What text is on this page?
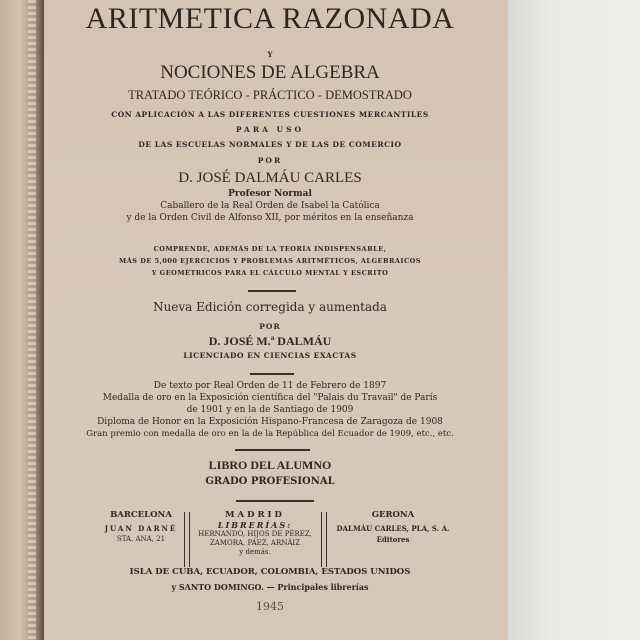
ARITMETICA RAZONADA
Y
NOCIONES DE ALGEBRA
TRATADO TEÓRICO - PRÁCTICO - DEMOSTRADO
CON APLICACIÓN A LAS DIFERENTES CUESTIONES MERCANTILES
PARA USO
DE LAS ESCUELAS NORMALES Y DE LAS DE COMERCIO
POR
D. JOSÉ DALMÁU CARLES
Profesor Normal
Caballero de la Real Orden de Isabel la Católica
y de la Orden Civil de Alfonso XII, por méritos en la enseñanza
COMPRENDE, ADEMÁS DE LA TEORÍA INDISPENSABLE,
MÁS DE 5,000 EJERCICIOS Y PROBLEMAS ARITMÉTICOS, ALGEBRAICOS
Y GEOMÉTRICOS PARA EL CÁLCULO MENTAL Y ESCRITO
Nueva Edición corregida y aumentada
POR
D. JOSÉ M.ª DALMÁU
LICENCIADO EN CIENCIAS EXACTAS
De texto por Real Orden de 11 de Febrero de 1897
Medalla de oro en la Exposición científica del "Palais du Travail" de París
de 1901 y en la de Santiago de 1909
Diploma de Honor en la Exposición Hispano-Francesa de Zaragoza de 1908
Gran premio con medalla de oro en la de la República del Ecuador de 1909, etc., etc.
LIBRO DEL ALUMNO
GRADO PROFESIONAL
BARCELONA
JUAN DARNÉ
STA. ANA, 21
MADRID
LIBRERÍAS:
HERNANDO, HIJOS DE PÉREZ,
ZAMORA, PÁEZ, ARNÁIZ
y demás.
GERONA
DALMÁU CARLES, PLA, S. A.
Editores
ISLA DE CUBA, ECUADOR, COLOMBIA, ESTADOS UNIDOS
y SANTO DOMINGO. — Principales librerías
1945
